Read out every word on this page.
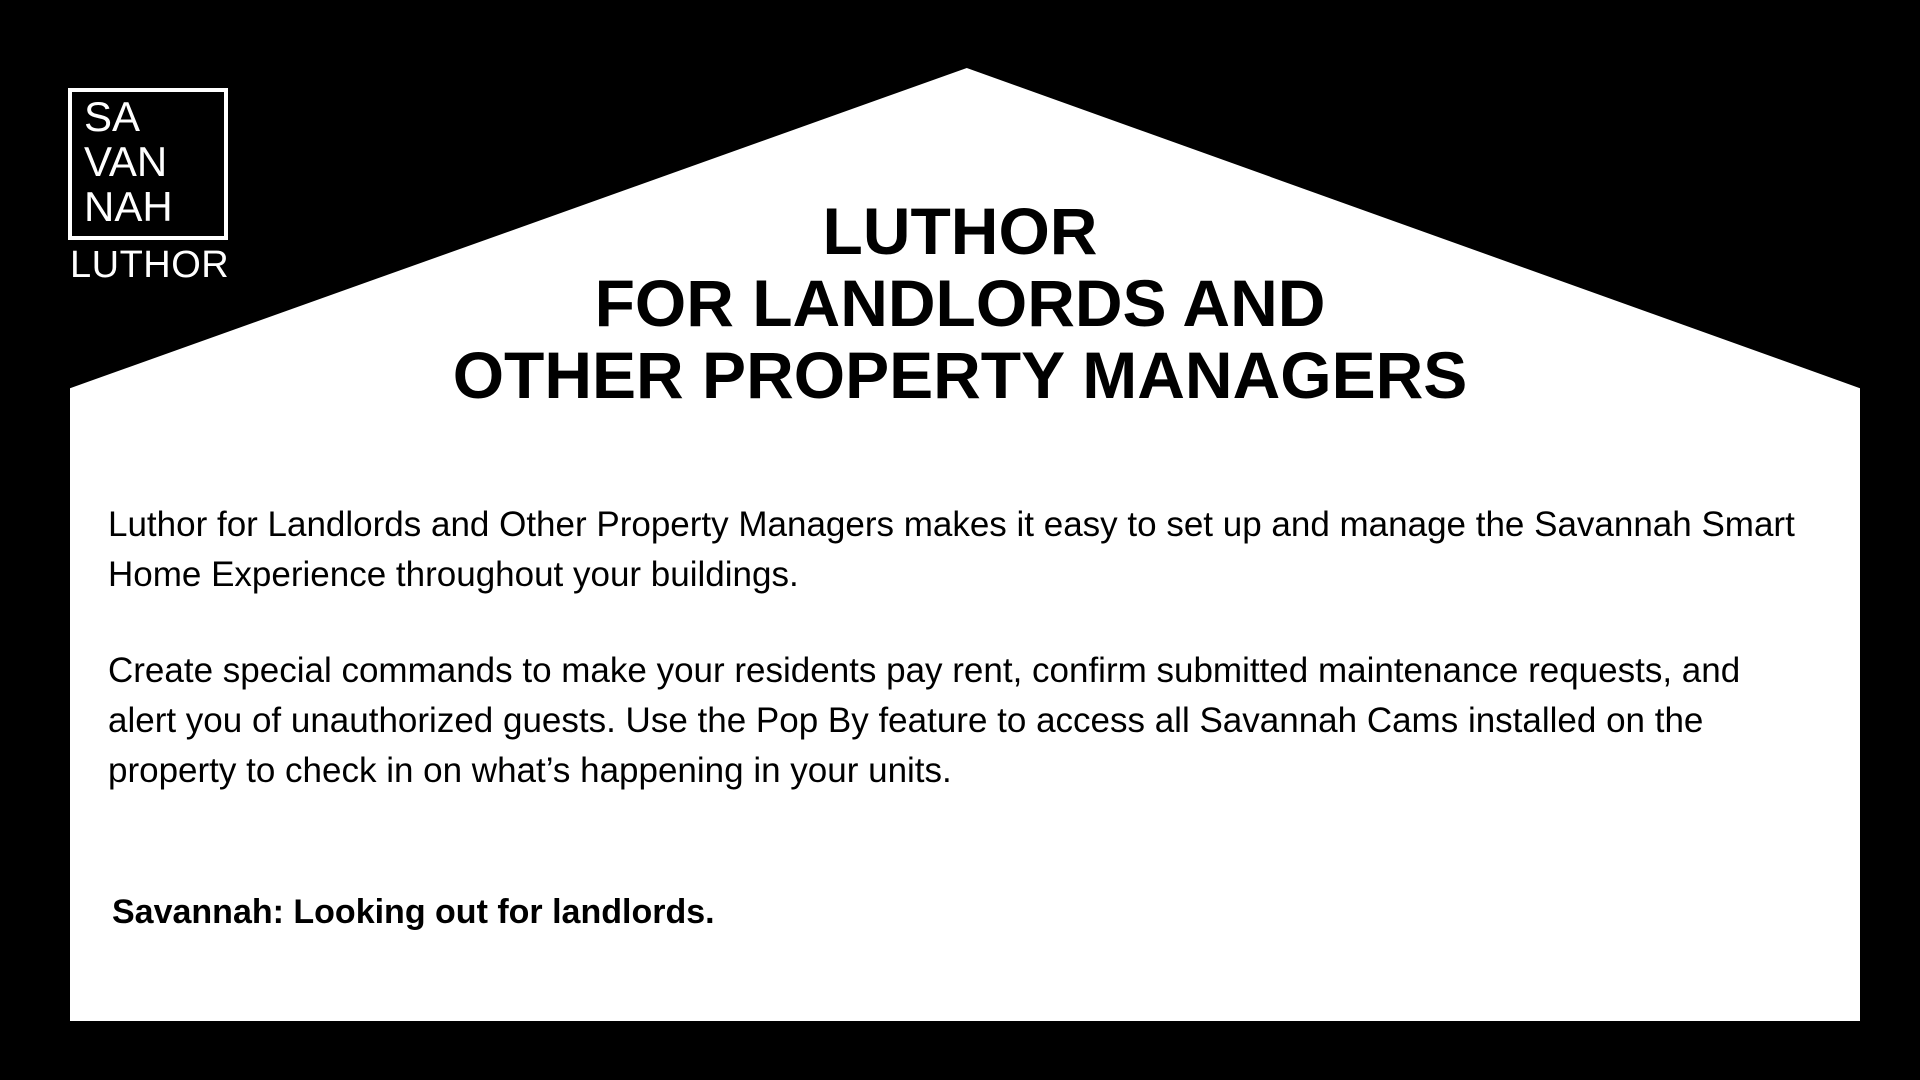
SA
VAN
NAH
LUTHOR	LUTHOR
FOR LANDLORDS AND
OTHER PROPERTY MANAGERS

Luthor for Landlords and Other Property Managers makes it easy to set up and manage the Savannah Smart Home Experience throughout your buildings.

Create special commands to make your residents pay rent, confirm submitted maintenance requests, and alert you of unauthorized guests. Use the Pop By feature to access all Savannah Cams installed on the property to check in on what’s happening in your units.

Savannah: Looking out for landlords.
